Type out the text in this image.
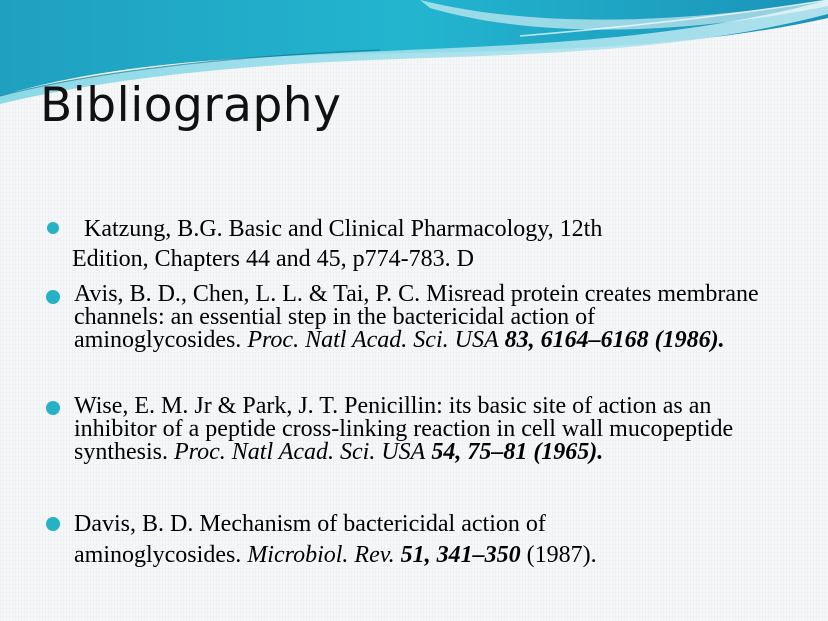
Bibliography
Katzung, B.G. Basic and Clinical Pharmacology, 12th
Edition, Chapters 44 and 45, p774-783. D
Avis, B. D., Chen, L. L. & Tai, P. C. Misread protein creates membrane channels: an essential step in the bactericidal action of aminoglycosides. Proc. Natl Acad. Sci. USA 83, 6164–6168 (1986).
Wise, E. M. Jr & Park, J. T. Penicillin: its basic site of action as an inhibitor of a peptide cross-linking reaction in cell wall mucopeptide synthesis. Proc. Natl Acad. Sci. USA 54, 75–81 (1965).
Davis, B. D. Mechanism of bactericidal action of
aminoglycosides. Microbiol. Rev. 51, 341–350 (1987).
